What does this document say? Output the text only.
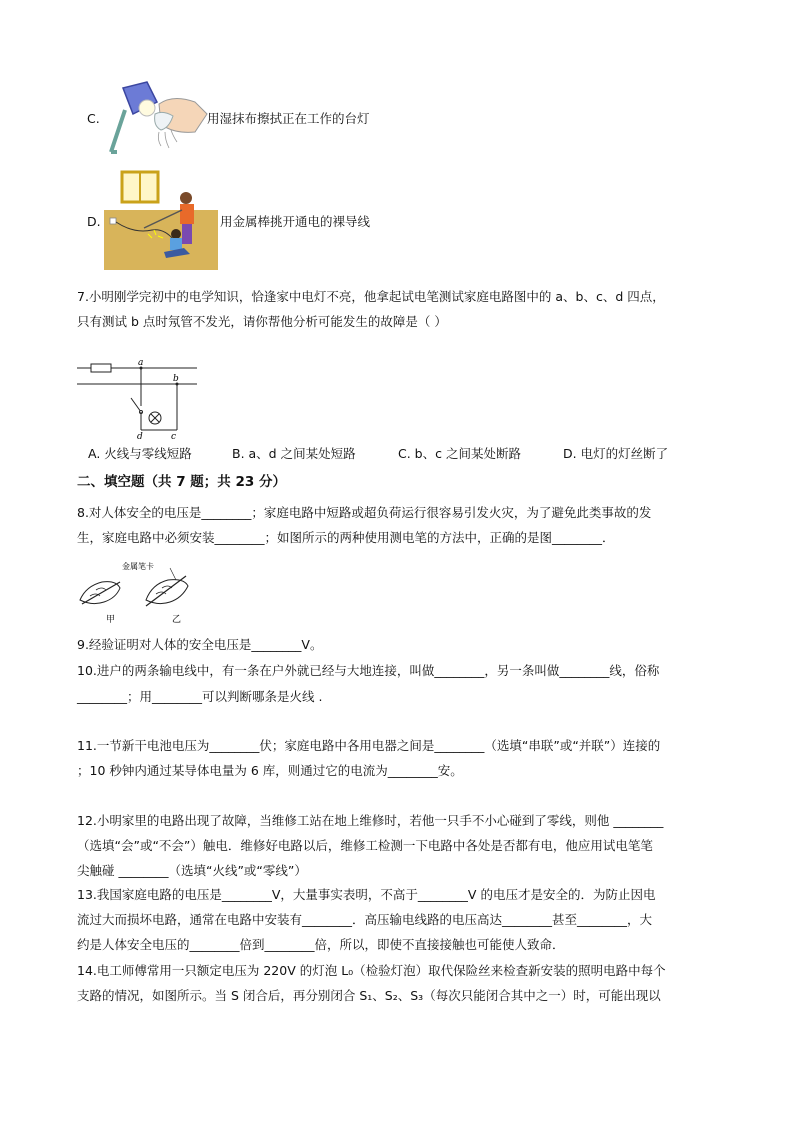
C.	用湿抹布擦拭正在工作的台灯
D.	用金属棒挑开通电的裸导线
7.小明刚学完初中的电学知识，恰逢家中电灯不亮，他拿起试电笔测试家庭电路图中的 a、b、c、d 四点，
只有测试 b 点时氖管不发光，请你帮他分析可能发生的故障是（ ）
a
b
c
d
A. 火线与零线短路	B. a、d 之间某处短路	C. b、c 之间某处断路	D. 电灯的灯丝断了
二、填空题（共 7 题；共 23 分）
8.对人体安全的电压是________；家庭电路中短路或超负荷运行很容易引发火灾，为了避免此类事故的发
生，家庭电路中必须安装________；如图所示的两种使用测电笔的方法中，正确的是图________．
金属笔卡
甲	乙
9.经验证明对人体的安全电压是________V。
10.进户的两条输电线中，有一条在户外就已经与大地连接，叫做________，另一条叫做________线，俗称
________；用________可以判断哪条是火线 .
11.一节新干电池电压为________伏；家庭电路中各用电器之间是________（选填“串联”或“并联”）连接的
；10 秒钟内通过某导体电量为 6 库，则通过它的电流为________安。
12.小明家里的电路出现了故障，当维修工站在地上维修时，若他一只手不小心碰到了零线，则他 ________
（选填“会”或“不会”）触电．维修好电路以后，维修工检测一下电路中各处是否都有电，他应用试电笔笔
尖触碰 ________（选填“火线”或“零线”）
13.我国家庭电路的电压是________V，大量事实表明，不高于________V 的电压才是安全的．为防止因电
流过大而损坏电路，通常在电路中安装有________．高压输电线路的电压高达________甚至________，大
约是人体安全电压的________倍到________倍，所以，即使不直接接触也可能使人致命．
14.电工师傅常用一只额定电压为 220V 的灯泡 L₀（检验灯泡）取代保险丝来检查新安装的照明电路中每个
支路的情况，如图所示。当 S 闭合后，再分别闭合 S₁、S₂、S₃（每次只能闭合其中之一）时，可能出现以
